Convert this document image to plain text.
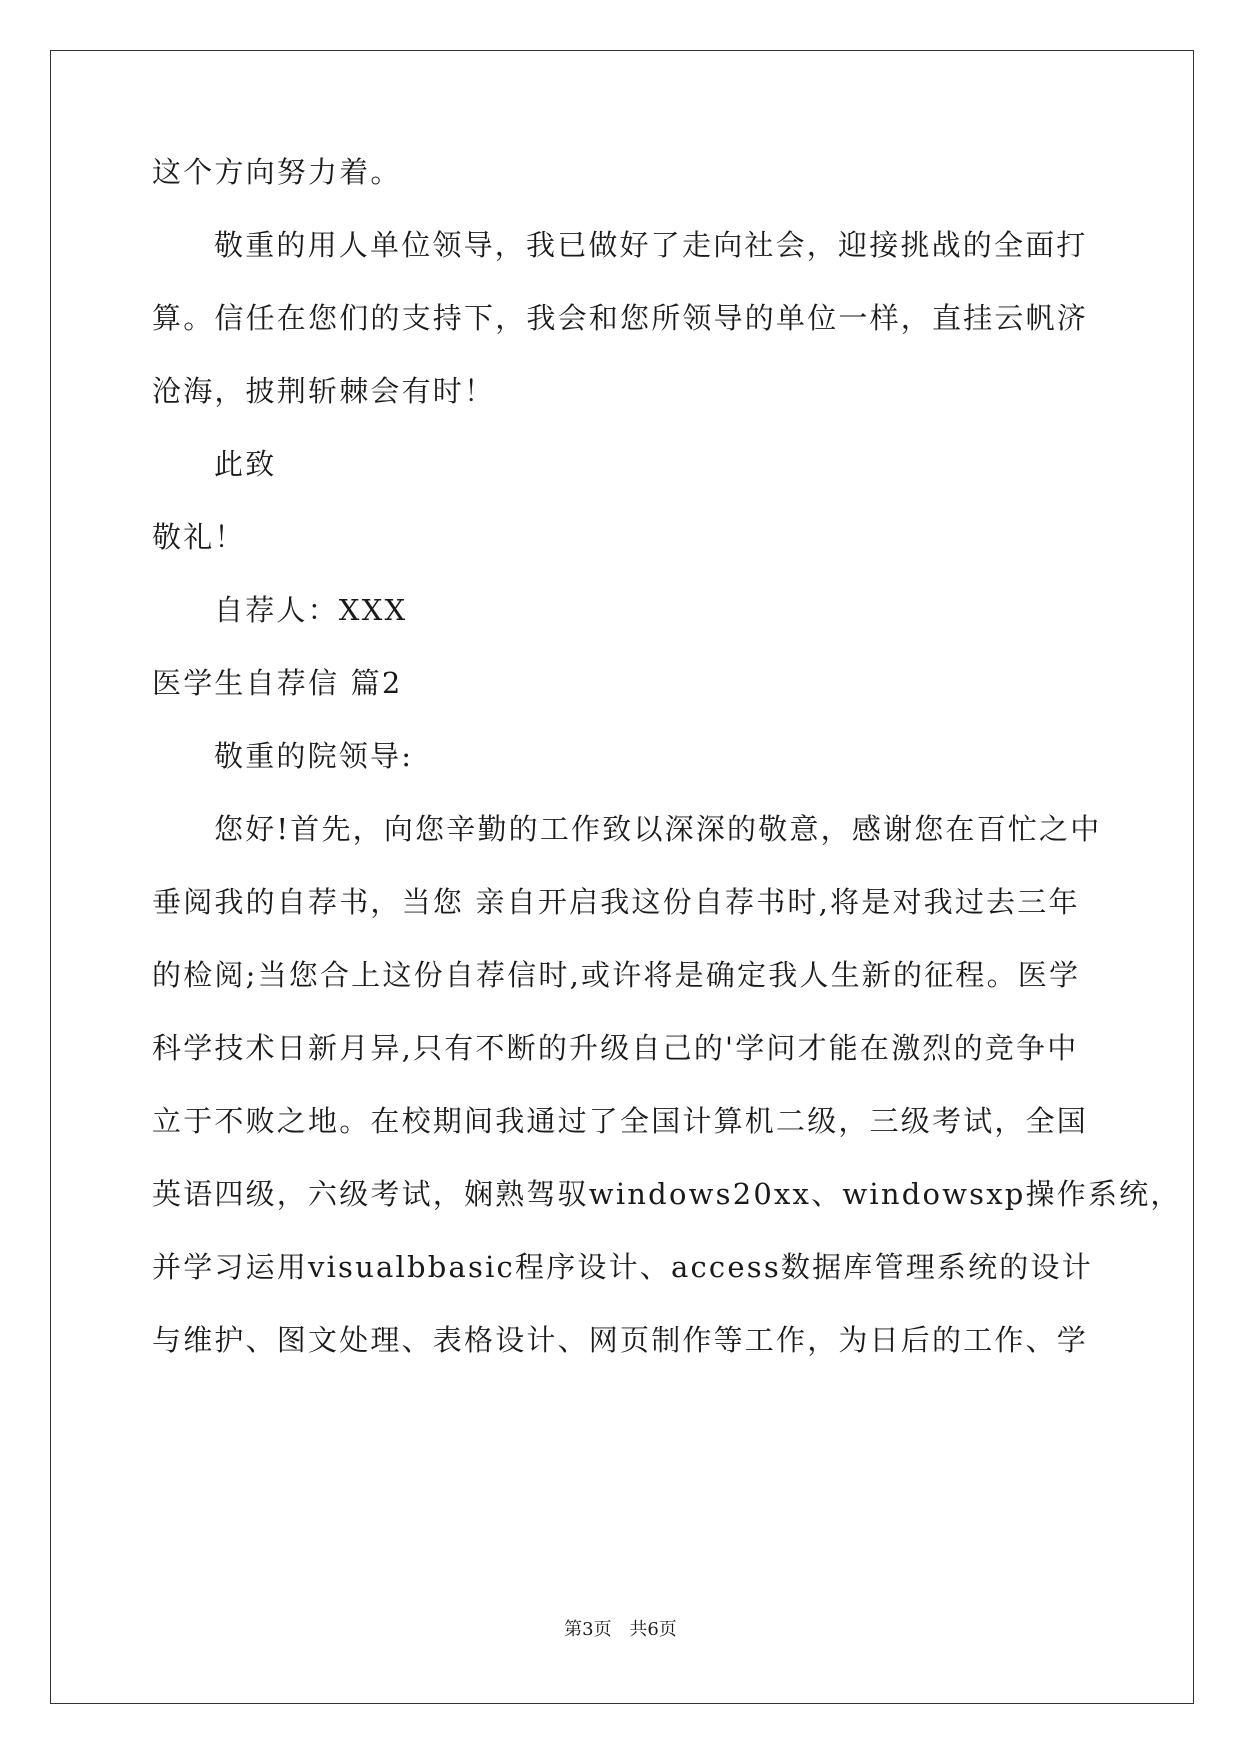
这个方向努力着。
敬重的用人单位领导，我已做好了走向社会，迎接挑战的全面打
算。信任在您们的支持下，我会和您所领导的单位一样，直挂云帆济
沧海，披荆斩棘会有时！
此致
敬礼！
自荐人：XXX
医学生自荐信 篇2
敬重的院领导:
您好!首先，向您辛勤的工作致以深深的敬意，感谢您在百忙之中
垂阅我的自荐书，当您 亲自开启我这份自荐书时,将是对我过去三年
的检阅;当您合上这份自荐信时,或许将是确定我人生新的征程。医学
科学技术日新月异,只有不断的升级自己的'学问才能在激烈的竞争中
立于不败之地。在校期间我通过了全国计算机二级，三级考试，全国
英语四级，六级考试，娴熟驾驭windows20xx、windowsxp操作系统，
并学习运用visualbbasic程序设计、access数据库管理系统的设计
与维护、图文处理、表格设计、网页制作等工作，为日后的工作、学
第3页 共6页
